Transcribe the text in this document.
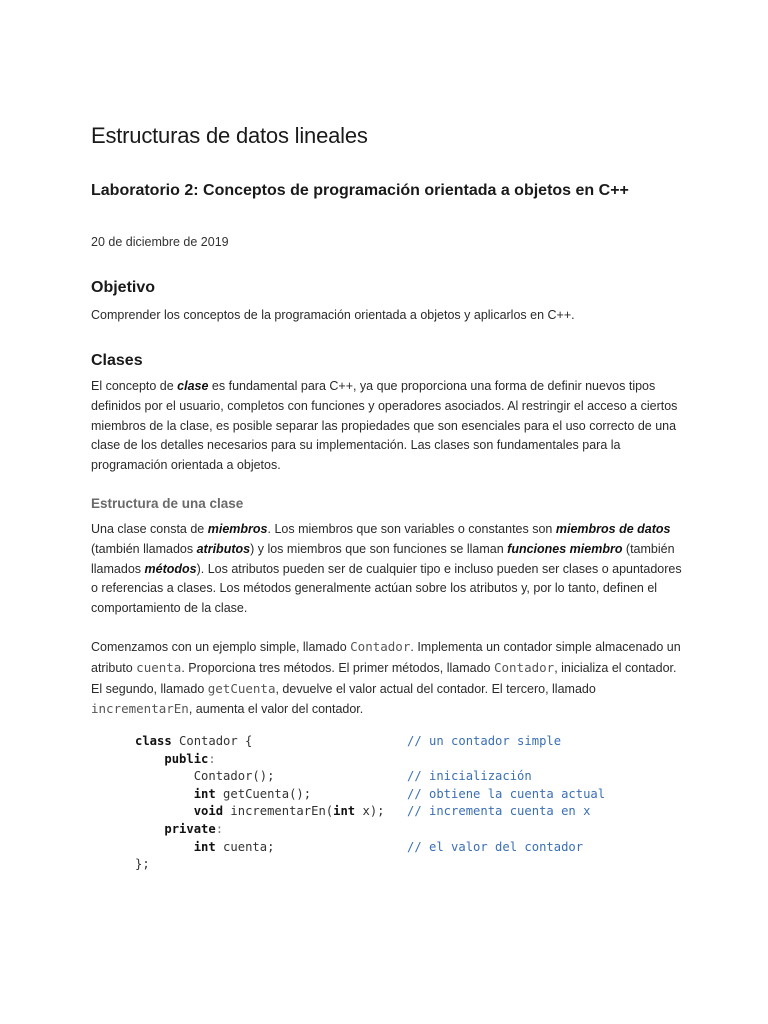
Estructuras de datos lineales
Laboratorio 2: Conceptos de programación orientada a objetos en C++

20 de diciembre de 2019

Objetivo

Comprender los conceptos de la programación orientada a objetos y aplicarlos en C++.

Clases

El concepto de clase es fundamental para C++, ya que proporciona una forma de definir nuevos tipos definidos por el usuario, completos con funciones y operadores asociados. Al restringir el acceso a ciertos miembros de la clase, es posible separar las propiedades que son esenciales para el uso correcto de una clase de los detalles necesarios para su implementación. Las clases son fundamentales para la programación orientada a objetos.

Estructura de una clase

Una clase consta de miembros. Los miembros que son variables o constantes son miembros de datos (también llamados atributos) y los miembros que son funciones se llaman funciones miembro (también llamados métodos). Los atributos pueden ser de cualquier tipo e incluso pueden ser clases o apuntadores o referencias a clases. Los métodos generalmente actúan sobre los atributos y, por lo tanto, definen el comportamiento de la clase.

Comenzamos con un ejemplo simple, llamado Contador. Implementa un contador simple almacenado un atributo cuenta. Proporciona tres métodos. El primer métodos, llamado Contador, inicializa el contador. El segundo, llamado getCuenta, devuelve el valor actual del contador. El tercero, llamado incrementarEn, aumenta el valor del contador.

class Contador {	// un contador simple
public:
Contador();	// inicialización
int getCuenta();	// obtiene la cuenta actual
void incrementarEn(int x); // incrementa cuenta en x
private:
int cuenta;	// el valor del contador
};
